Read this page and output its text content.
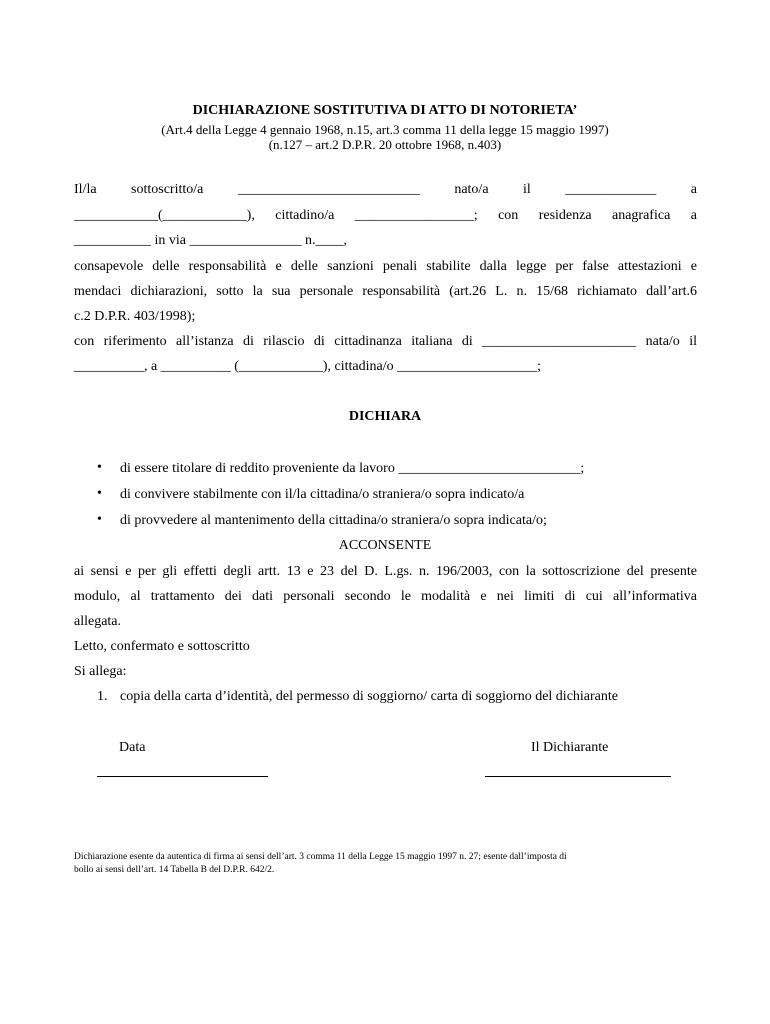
DICHIARAZIONE SOSTITUTIVA DI ATTO DI NOTORIETA’
(Art.4 della Legge 4 gennaio 1968, n.15, art.3 comma 11 della legge 15 maggio 1997)
(n.127 – art.2 D.P.R. 20 ottobre 1968, n.403)
Il/la sottoscritto/a __________________________ nato/a il _____________ a
____________(____________), cittadino/a _________________; con residenza anagrafica a
___________ in via ________________ n.____,
consapevole delle responsabilità e delle sanzioni penali stabilite dalla legge per false attestazioni e
mendaci dichiarazioni, sotto la sua personale responsabilità (art.26 L. n. 15/68 richiamato dall’art.6
c.2 D.P.R. 403/1998);
con riferimento all’istanza di rilascio di cittadinanza italiana di ______________________ nata/o il
__________, a __________ (____________), cittadina/o ____________________;
DICHIARA
• di essere titolare di reddito proveniente da lavoro __________________________;
• di convivere stabilmente con il/la cittadina/o straniera/o sopra indicato/a
• di provvedere al mantenimento della cittadina/o straniera/o sopra indicata/o;
ACCONSENTE
ai sensi e per gli effetti degli artt. 13 e 23 del D. L.gs. n. 196/2003, con la sottoscrizione del presente
modulo, al trattamento dei dati personali secondo le modalità e nei limiti di cui all’informativa
allegata.
Letto, confermato e sottoscritto
Si allega:
1. copia della carta d’identità, del permesso di soggiorno/ carta di soggiorno del dichiarante
Data	Il Dichiarante
Dichiarazione esente da autentica di firma ai sensi dell’art. 3 comma 11 della Legge 15 maggio 1997 n. 27; esente dall’imposta di
bollo ai sensi dell’art. 14 Tabella B del D.P.R. 642/2.
